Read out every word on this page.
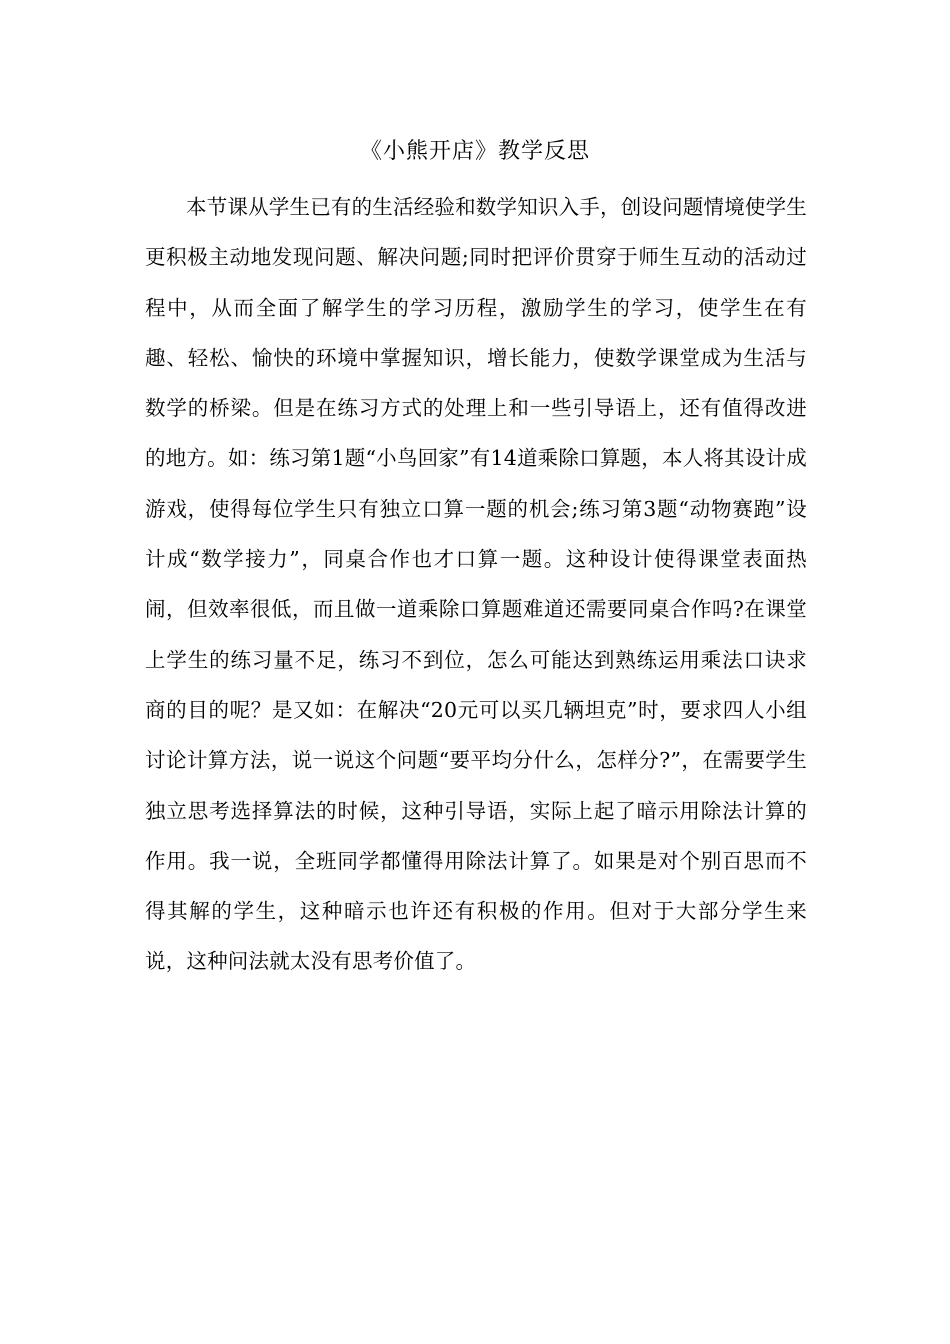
《小熊开店》教学反思

本节课从学生已有的生活经验和数学知识入手，创设问题情境使学生更积极主动地发现问题、解决问题;同时把评价贯穿于师生互动的活动过程中，从而全面了解学生的学习历程，激励学生的学习，使学生在有趣、轻松、愉快的环境中掌握知识，增长能力，使数学课堂成为生活与数学的桥梁。但是在练习方式的处理上和一些引导语上，还有值得改进的地方。如：练习第1题“小鸟回家”有14道乘除口算题，本人将其设计成游戏，使得每位学生只有独立口算一题的机会;练习第3题“动物赛跑”设计成“数学接力”，同桌合作也才口算一题。这种设计使得课堂表面热闹，但效率很低，而且做一道乘除口算题难道还需要同桌合作吗?在课堂上学生的练习量不足，练习不到位，怎么可能达到熟练运用乘法口诀求商的目的呢？是又如：在解决“20元可以买几辆坦克”时，要求四人小组讨论计算方法，说一说这个问题“要平均分什么，怎样分?”，在需要学生独立思考选择算法的时候，这种引导语，实际上起了暗示用除法计算的作用。我一说，全班同学都懂得用除法计算了。如果是对个别百思而不得其解的学生，这种暗示也许还有积极的作用。但对于大部分学生来说，这种问法就太没有思考价值了。
